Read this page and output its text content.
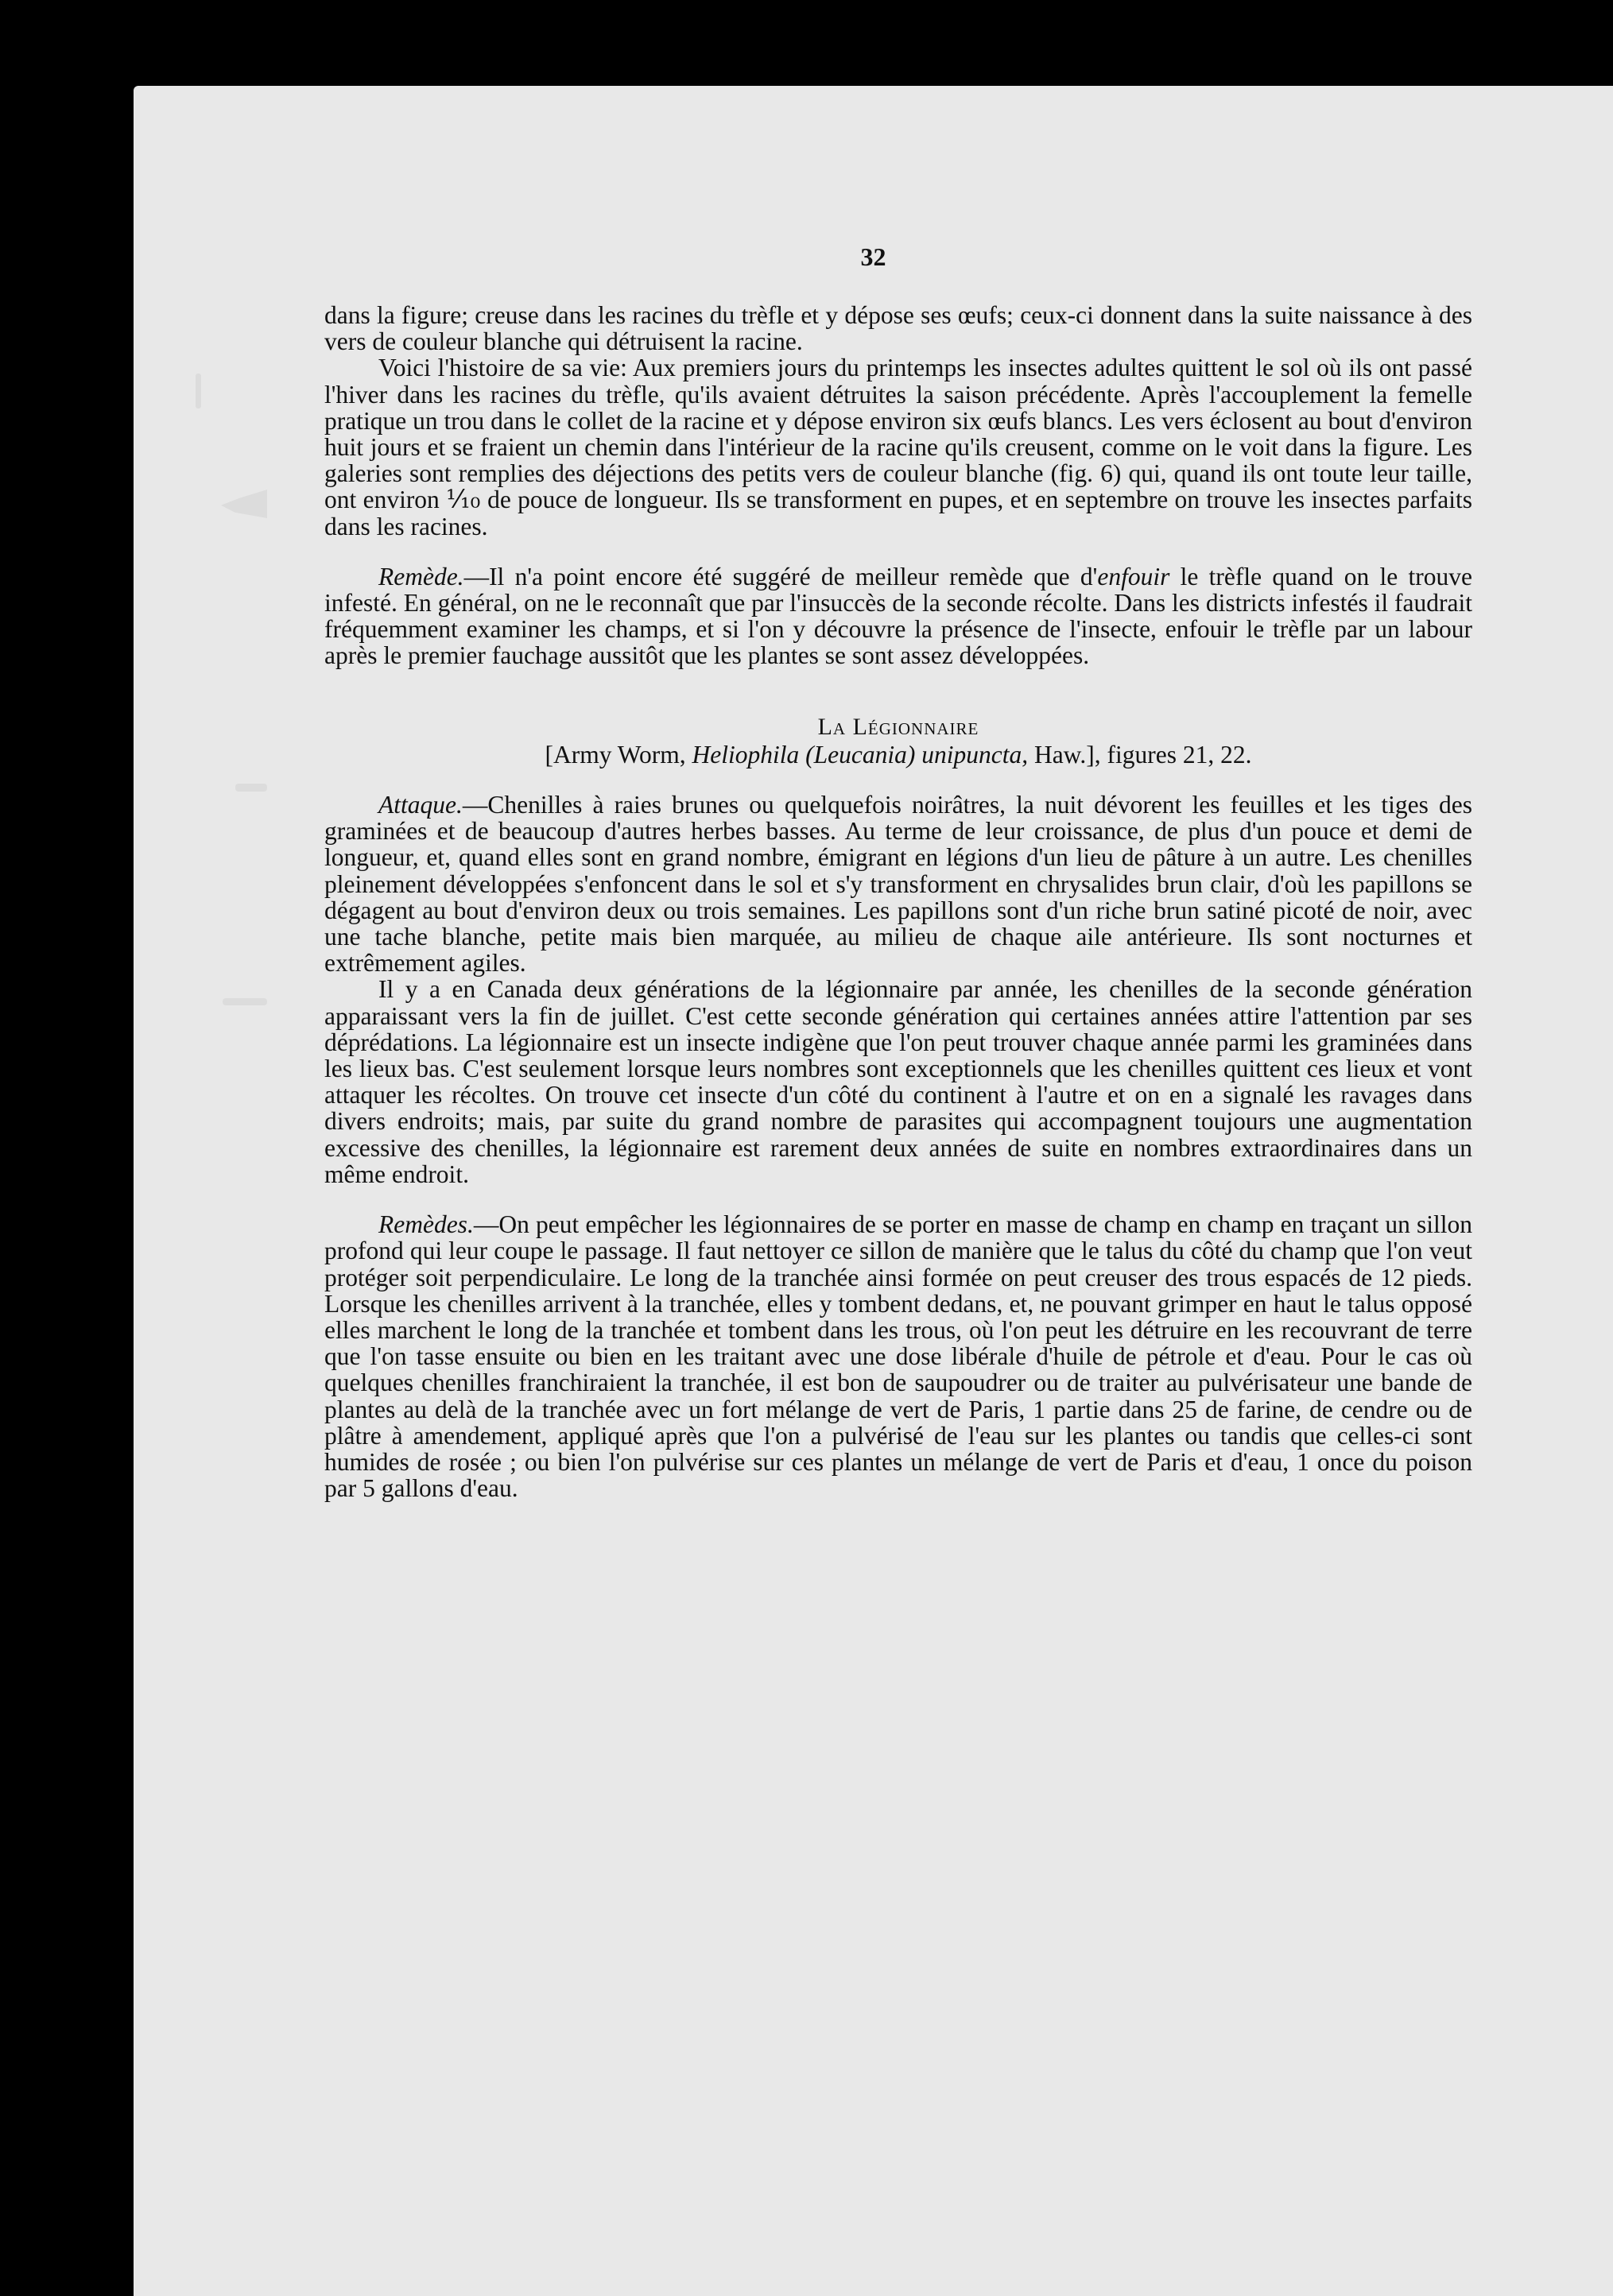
32

dans la figure; creuse dans les racines du trèfle et y dépose ses œufs; ceux-ci donnent dans la suite naissance à des vers de couleur blanche qui détruisent la racine.

Voici l'histoire de sa vie: Aux premiers jours du printemps les insectes adultes quittent le sol où ils ont passé l'hiver dans les racines du trèfle, qu'ils avaient détruites la saison précédente. Après l'accouplement la femelle pratique un trou dans le collet de la racine et y dépose environ six œufs blancs. Les vers éclosent au bout d'environ huit jours et se fraient un chemin dans l'intérieur de la racine qu'ils creusent, comme on le voit dans la figure. Les galeries sont remplies des déjections des petits vers de couleur blanche (fig. 6) qui, quand ils ont toute leur taille, ont environ ⅒ de pouce de longueur. Ils se transforment en pupes, et en septembre on trouve les insectes parfaits dans les racines.

Remède.—Il n'a point encore été suggéré de meilleur remède que d'enfouir le trèfle quand on le trouve infesté. En général, on ne le reconnaît que par l'insuccès de la seconde récolte. Dans les districts infestés il faudrait fréquemment examiner les champs, et si l'on y découvre la présence de l'insecte, enfouir le trèfle par un labour après le premier fauchage aussitôt que les plantes se sont assez développées.

La Légionnaire
[Army Worm, Heliophila (Leucania) unipuncta, Haw.], figures 21, 22.

Attaque.—Chenilles à raies brunes ou quelquefois noirâtres, la nuit dévorent les feuilles et les tiges des graminées et de beaucoup d'autres herbes basses. Au terme de leur croissance, de plus d'un pouce et demi de longueur, et, quand elles sont en grand nombre, émigrant en légions d'un lieu de pâture à un autre. Les chenilles pleinement développées s'enfoncent dans le sol et s'y transforment en chrysalides brun clair, d'où les papillons se dégagent au bout d'environ deux ou trois semaines. Les papillons sont d'un riche brun satiné picoté de noir, avec une tache blanche, petite mais bien marquée, au milieu de chaque aile antérieure. Ils sont nocturnes et extrêmement agiles.

Il y a en Canada deux générations de la légionnaire par année, les chenilles de la seconde génération apparaissant vers la fin de juillet. C'est cette seconde génération qui certaines années attire l'attention par ses déprédations. La légionnaire est un insecte indigène que l'on peut trouver chaque année parmi les graminées dans les lieux bas. C'est seulement lorsque leurs nombres sont exceptionnels que les chenilles quittent ces lieux et vont attaquer les récoltes. On trouve cet insecte d'un côté du continent à l'autre et on en a signalé les ravages dans divers endroits; mais, par suite du grand nombre de parasites qui accompagnent toujours une augmentation excessive des chenilles, la légionnaire est rarement deux années de suite en nombres extraordinaires dans un même endroit.

Remèdes.—On peut empêcher les légionnaires de se porter en masse de champ en champ en traçant un sillon profond qui leur coupe le passage. Il faut nettoyer ce sillon de manière que le talus du côté du champ que l'on veut protéger soit perpendiculaire. Le long de la tranchée ainsi formée on peut creuser des trous espacés de 12 pieds. Lorsque les chenilles arrivent à la tranchée, elles y tombent dedans, et, ne pouvant grimper en haut le talus opposé elles marchent le long de la tranchée et tombent dans les trous, où l'on peut les détruire en les recouvrant de terre que l'on tasse ensuite ou bien en les traitant avec une dose libérale d'huile de pétrole et d'eau. Pour le cas où quelques chenilles franchiraient la tranchée, il est bon de saupoudrer ou de traiter au pulvérisateur une bande de plantes au delà de la tranchée avec un fort mélange de vert de Paris, 1 partie dans 25 de farine, de cendre ou de plâtre à amendement, appliqué après que l'on a pulvérisé de l'eau sur les plantes ou tandis que celles-ci sont humides de rosée ; ou bien l'on pulvérise sur ces plantes un mélange de vert de Paris et d'eau, 1 once du poison par 5 gallons d'eau.
